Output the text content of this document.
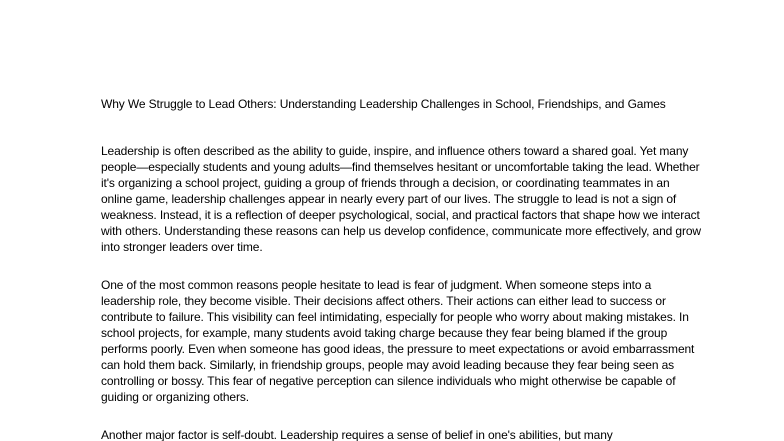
Why We Struggle to Lead Others: Understanding Leadership Challenges in School, Friendships, and Games

Leadership is often described as the ability to guide, inspire, and influence others toward a shared goal. Yet many people—especially students and young adults—find themselves hesitant or uncomfortable taking the lead. Whether it's organizing a school project, guiding a group of friends through a decision, or coordinating teammates in an online game, leadership challenges appear in nearly every part of our lives. The struggle to lead is not a sign of weakness. Instead, it is a reflection of deeper psychological, social, and practical factors that shape how we interact with others. Understanding these reasons can help us develop confidence, communicate more effectively, and grow into stronger leaders over time.

One of the most common reasons people hesitate to lead is fear of judgment. When someone steps into a leadership role, they become visible. Their decisions affect others. Their actions can either lead to success or contribute to failure. This visibility can feel intimidating, especially for people who worry about making mistakes. In school projects, for example, many students avoid taking charge because they fear being blamed if the group performs poorly. Even when someone has good ideas, the pressure to meet expectations or avoid embarrassment can hold them back. Similarly, in friendship groups, people may avoid leading because they fear being seen as controlling or bossy. This fear of negative perception can silence individuals who might otherwise be capable of guiding or organizing others.

Another major factor is self-doubt. Leadership requires a sense of belief in one's abilities, but many
